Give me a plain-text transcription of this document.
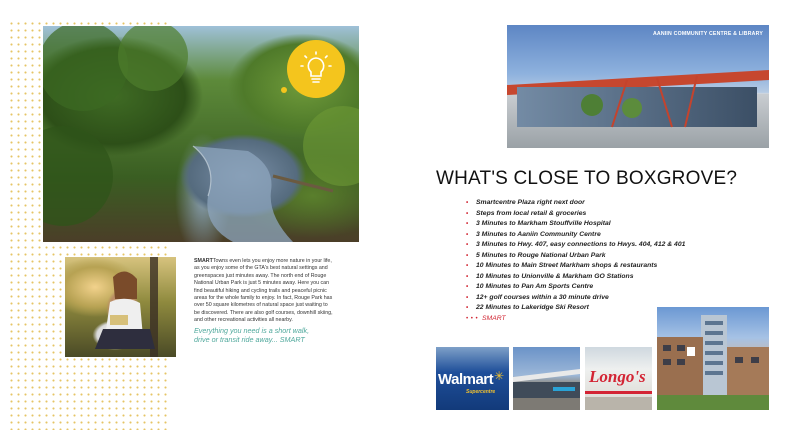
SMARTTowns even lets you enjoy more nature in your life, as you enjoy some of the GTA's best natural settings and greenspaces just minutes away. The north end of Rouge National Urban Park is just 5 minutes away. Here you can find beautiful hiking and cycling trails and peaceful picnic areas for the whole family to enjoy. In fact, Rouge Park has over 50 square kilometres of natural space just waiting to be discovered. There are also golf courses, downhill skiing, and other recreational activities all nearby.
Everything you need is a short walk, drive or transit ride away... SMART
AANIIN COMMUNITY CENTRE & LIBRARY
WHAT'S CLOSE TO BOXGROVE?
• Smartcentre Plaza right next door
• Steps from local retail & groceries
• 3 Minutes to Markham Stouffville Hospital
• 3 Minutes to Aaniin Community Centre
• 3 Minutes to Hwy. 407, easy connections to Hwys. 404, 412 & 401
• 5 Minutes to Rouge National Urban Park
• 10 Minutes to Main Street Markham shops & restaurants
• 10 Minutes to Unionville & Markham GO Stations
• 10 Minutes to Pan Am Sports Centre
• 12+ golf courses within a 30 minute drive
• 22 Minutes to Lakeridge Ski Resort
• • • SMART
Walmart ✳
Supercentre
Longo's
